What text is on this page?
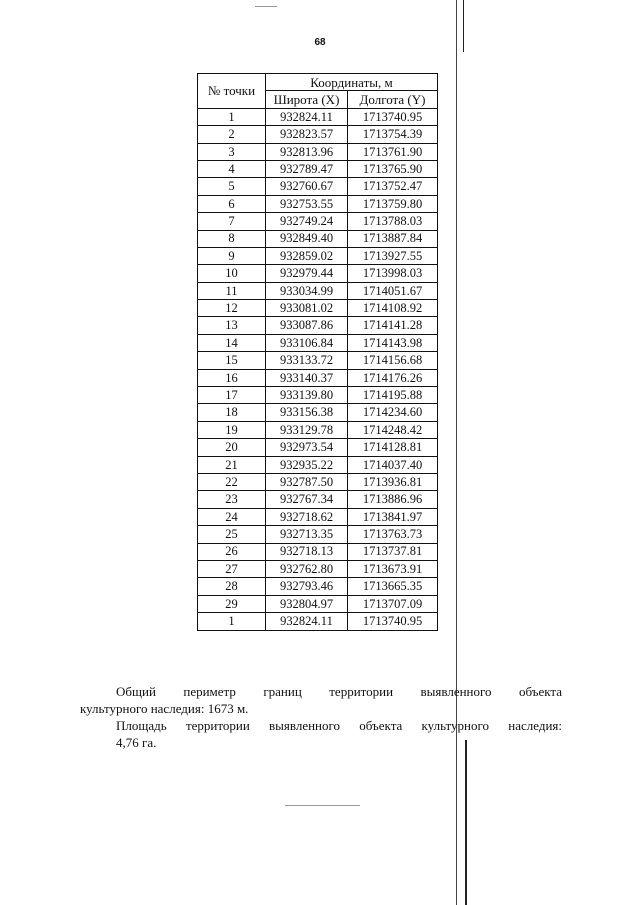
68
№ точки	Координаты, м	
	Широта (X)	Долгота (Y)
1	932824.11	1713740.95
2	932823.57	1713754.39
3	932813.96	1713761.90
4	932789.47	1713765.90
5	932760.67	1713752.47
6	932753.55	1713759.80
7	932749.24	1713788.03
8	932849.40	1713887.84
9	932859.02	1713927.55
10	932979.44	1713998.03
11	933034.99	1714051.67
12	933081.02	1714108.92
13	933087.86	1714141.28
14	933106.84	1714143.98
15	933133.72	1714156.68
16	933140.37	1714176.26
17	933139.80	1714195.88
18	933156.38	1714234.60
19	933129.78	1714248.42
20	932973.54	1714128.81
21	932935.22	1714037.40
22	932787.50	1713936.81
23	932767.34	1713886.96
24	932718.62	1713841.97
25	932713.35	1713763.73
26	932718.13	1713737.81
27	932762.80	1713673.91
28	932793.46	1713665.35
29	932804.97	1713707.09
1	932824.11	1713740.95
Общий периметр границ территории выявленного объекта
культурного наследия: 1673 м.
Площадь территории выявленного объекта культурного наследия:
4,76 га.
